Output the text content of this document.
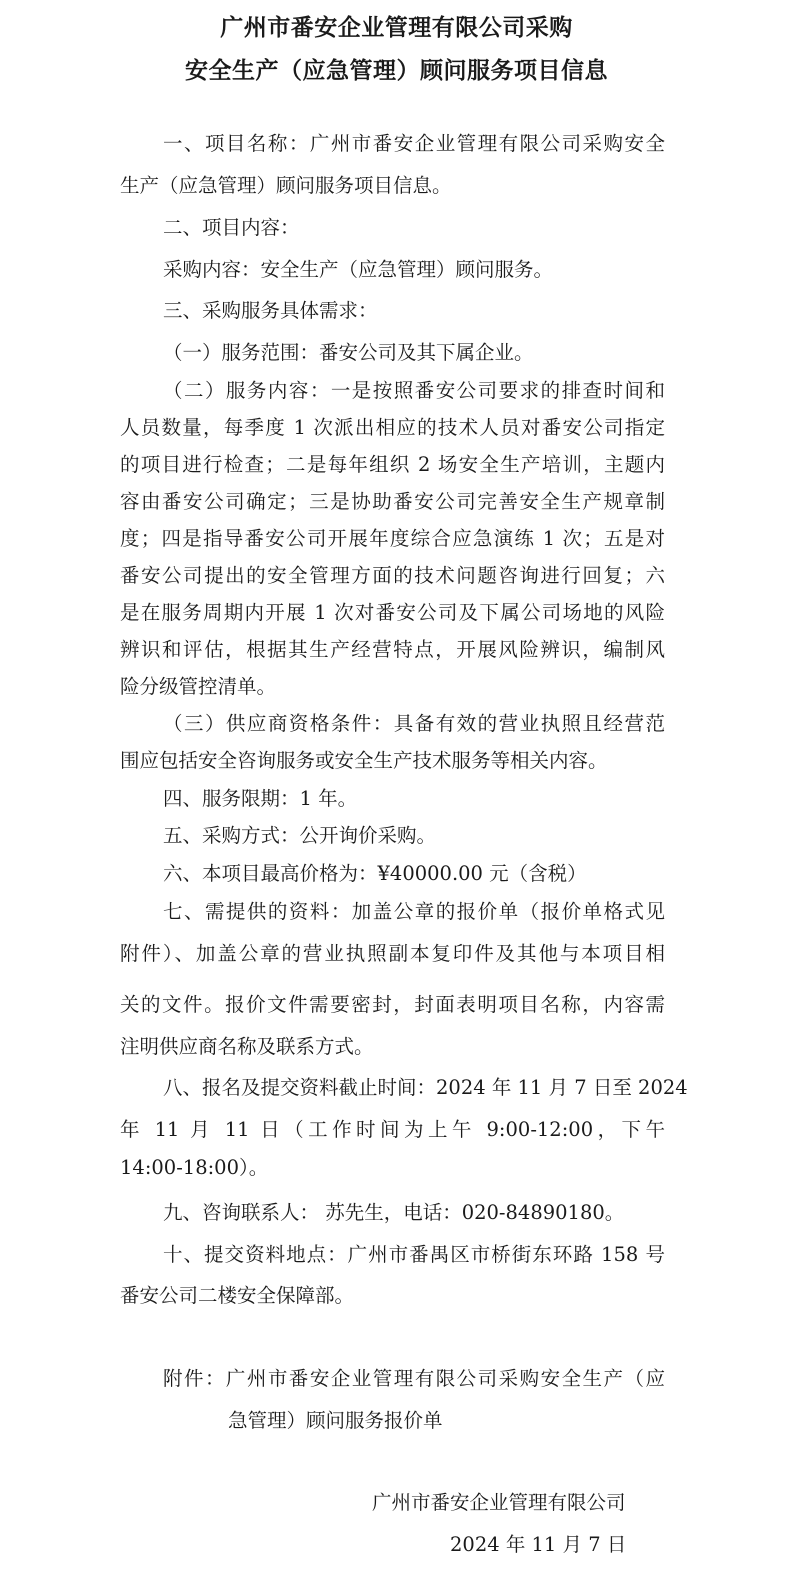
广州市番安企业管理有限公司采购
安全生产（应急管理）顾问服务项目信息
一、项目名称：广州市番安企业管理有限公司采购安全
生产（应急管理）顾问服务项目信息。
二、项目内容：
采购内容：安全生产（应急管理）顾问服务。
三、采购服务具体需求：
（一）服务范围：番安公司及其下属企业。
（二）服务内容：一是按照番安公司要求的排查时间和
人员数量，每季度 1 次派出相应的技术人员对番安公司指定
的项目进行检查；二是每年组织 2 场安全生产培训，主题内
容由番安公司确定；三是协助番安公司完善安全生产规章制
度；四是指导番安公司开展年度综合应急演练 1 次；五是对
番安公司提出的安全管理方面的技术问题咨询进行回复；六
是在服务周期内开展 1 次对番安公司及下属公司场地的风险
辨识和评估，根据其生产经营特点，开展风险辨识，编制风
险分级管控清单。
（三）供应商资格条件：具备有效的营业执照且经营范
围应包括安全咨询服务或安全生产技术服务等相关内容。
四、服务限期：1 年。
五、采购方式：公开询价采购。
六、本项目最高价格为：¥40000.00 元（含税）
七、需提供的资料：加盖公章的报价单（报价单格式见
附件）、加盖公章的营业执照副本复印件及其他与本项目相
关的文件。报价文件需要密封，封面表明项目名称，内容需
注明供应商名称及联系方式。
八、报名及提交资料截止时间：2024 年 11 月 7 日至 2024
年 11 月 11 日（工作时间为上午 9:00-12:00，下午
14:00-18:00）。
九、咨询联系人： 苏先生，电话：020-84890180。
十、提交资料地点：广州市番禺区市桥街东环路 158 号
番安公司二楼安全保障部。
附件：广州市番安企业管理有限公司采购安全生产（应
急管理）顾问服务报价单
广州市番安企业管理有限公司
2024 年 11 月 7 日
